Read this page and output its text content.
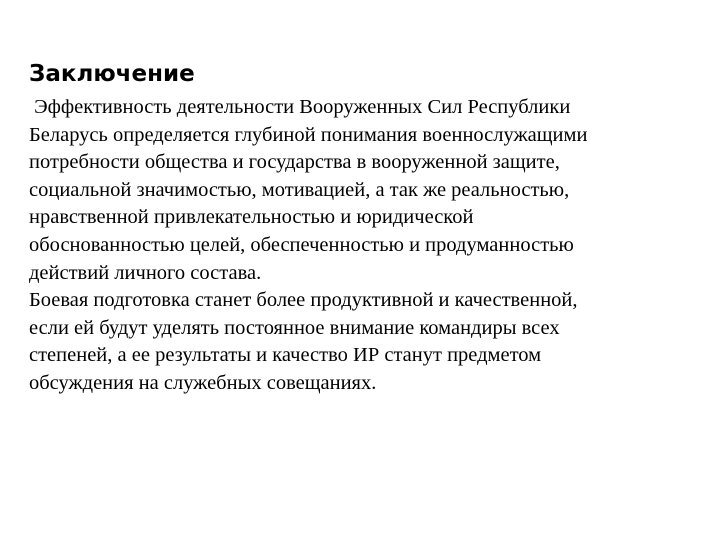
Заключение
Эффективность деятельности Вооруженных Сил Республики
Беларусь определяется глубиной понимания военнослужащими
потребности общества и государства в вооруженной защите,
социальной значимостью, мотивацией, а так же реальностью,
нравственной привлекательностью и юридической
обоснованностью целей, обеспеченностью и продуманностью
действий личного состава.
Боевая подготовка станет более продуктивной и качественной,
если ей будут уделять постоянное внимание командиры всех
степеней, а ее результаты и качество ИР станут предметом
обсуждения на служебных совещаниях.
